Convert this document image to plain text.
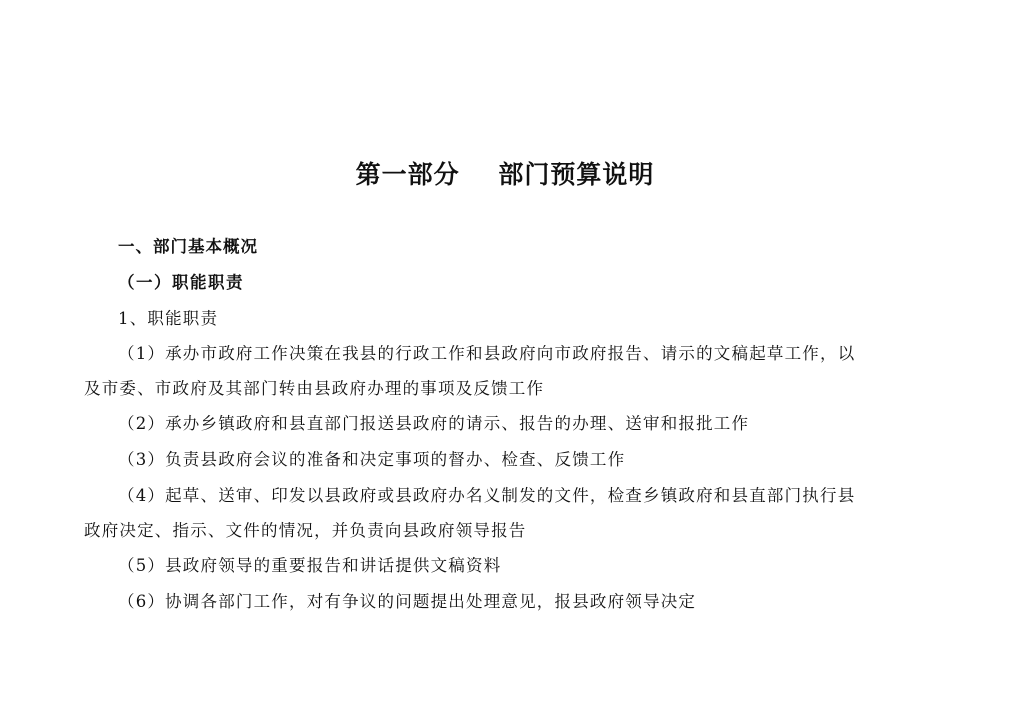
第一部分    部门预算说明
一、部门基本概况
（一）职能职责
1、职能职责
（1）承办市政府工作决策在我县的行政工作和县政府向市政府报告、请示的文稿起草工作，以
及市委、市政府及其部门转由县政府办理的事项及反馈工作
（2）承办乡镇政府和县直部门报送县政府的请示、报告的办理、送审和报批工作
（3）负责县政府会议的准备和决定事项的督办、检查、反馈工作
（4）起草、送审、印发以县政府或县政府办名义制发的文件，检查乡镇政府和县直部门执行县
政府决定、指示、文件的情况，并负责向县政府领导报告
（5）县政府领导的重要报告和讲话提供文稿资料
（6）协调各部门工作，对有争议的问题提出处理意见，报县政府领导决定
